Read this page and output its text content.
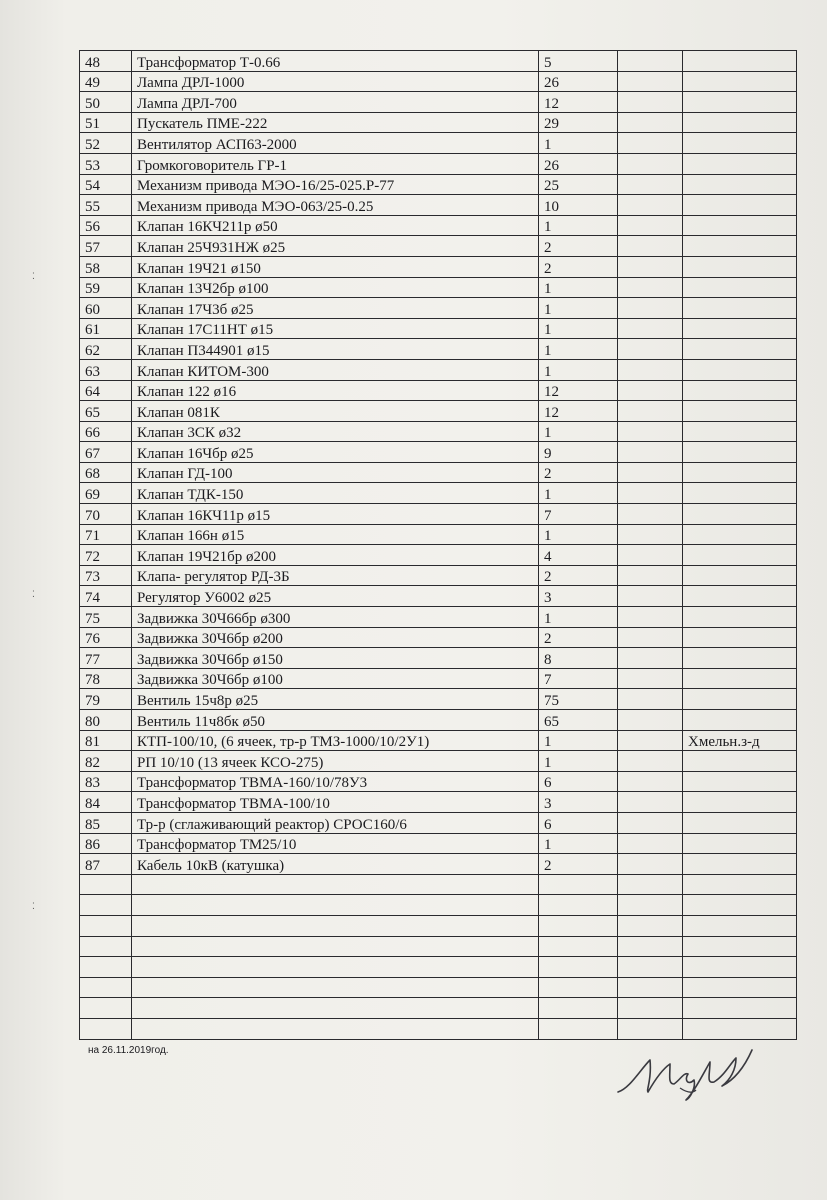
⁚
⁚
⁚
48	Трансформатор Т-0.66	5		
49	Лампа ДРЛ-1000	26		
50	Лампа ДРЛ-700	12		
51	Пускатель ПМЕ-222	29		
52	Вентилятор АСП63-2000	1		
53	Громкоговоритель ГР-1	26		
54	Механизм привода МЭО-16/25-025.Р-77	25		
55	Механизм привода МЭО-063/25-0.25	10		
56	Клапан 16КЧ211р ø50	1		
57	Клапан 25Ч931НЖ ø25	2		
58	Клапан 19Ч21 ø150	2		
59	Клапан 13Ч2бр ø100	1		
60	Клапан 17Ч3б ø25	1		
61	Клапан 17С11НТ ø15	1		
62	Клапан П344901 ø15	1		
63	Клапан КИТОМ-300	1		
64	Клапан 122 ø16	12		
65	Клапан 081К	12		
66	Клапан 3СК ø32	1		
67	Клапан 16Чбр ø25	9		
68	Клапан ГД-100	2		
69	Клапан ТДК-150	1		
70	Клапан 16КЧ11р ø15	7		
71	Клапан 166н ø15	1		
72	Клапан 19Ч21бр ø200	4		
73	Клапа- регулятор РД-3Б	2		
74	Регулятор У6002 ø25	3		
75	Задвижка 30Ч66бр ø300	1		
76	Задвижка 30Ч6бр ø200	2		
77	Задвижка 30Ч6бр ø150	8		
78	Задвижка 30Ч6бр ø100	7		
79	Вентиль 15ч8р ø25	75		
80	Вентиль 11ч8бк ø50	65		
81	КТП-100/10, (6 ячеек, тр-р ТМЗ-1000/10/2У1)	1		Хмельн.з-д
82	РП 10/10 (13 ячеек КСО-275)	1		
83	Трансформатор ТВМА-160/10/78У3	6		
84	Трансформатор ТВМА-100/10	3		
85	Тр-р (сглаживающий реактор) СРОС160/6	6		
86	Трансформатор ТМ25/10	1		
87	Кабель 10кВ (катушка)	2		

на 26.11.2019год.
